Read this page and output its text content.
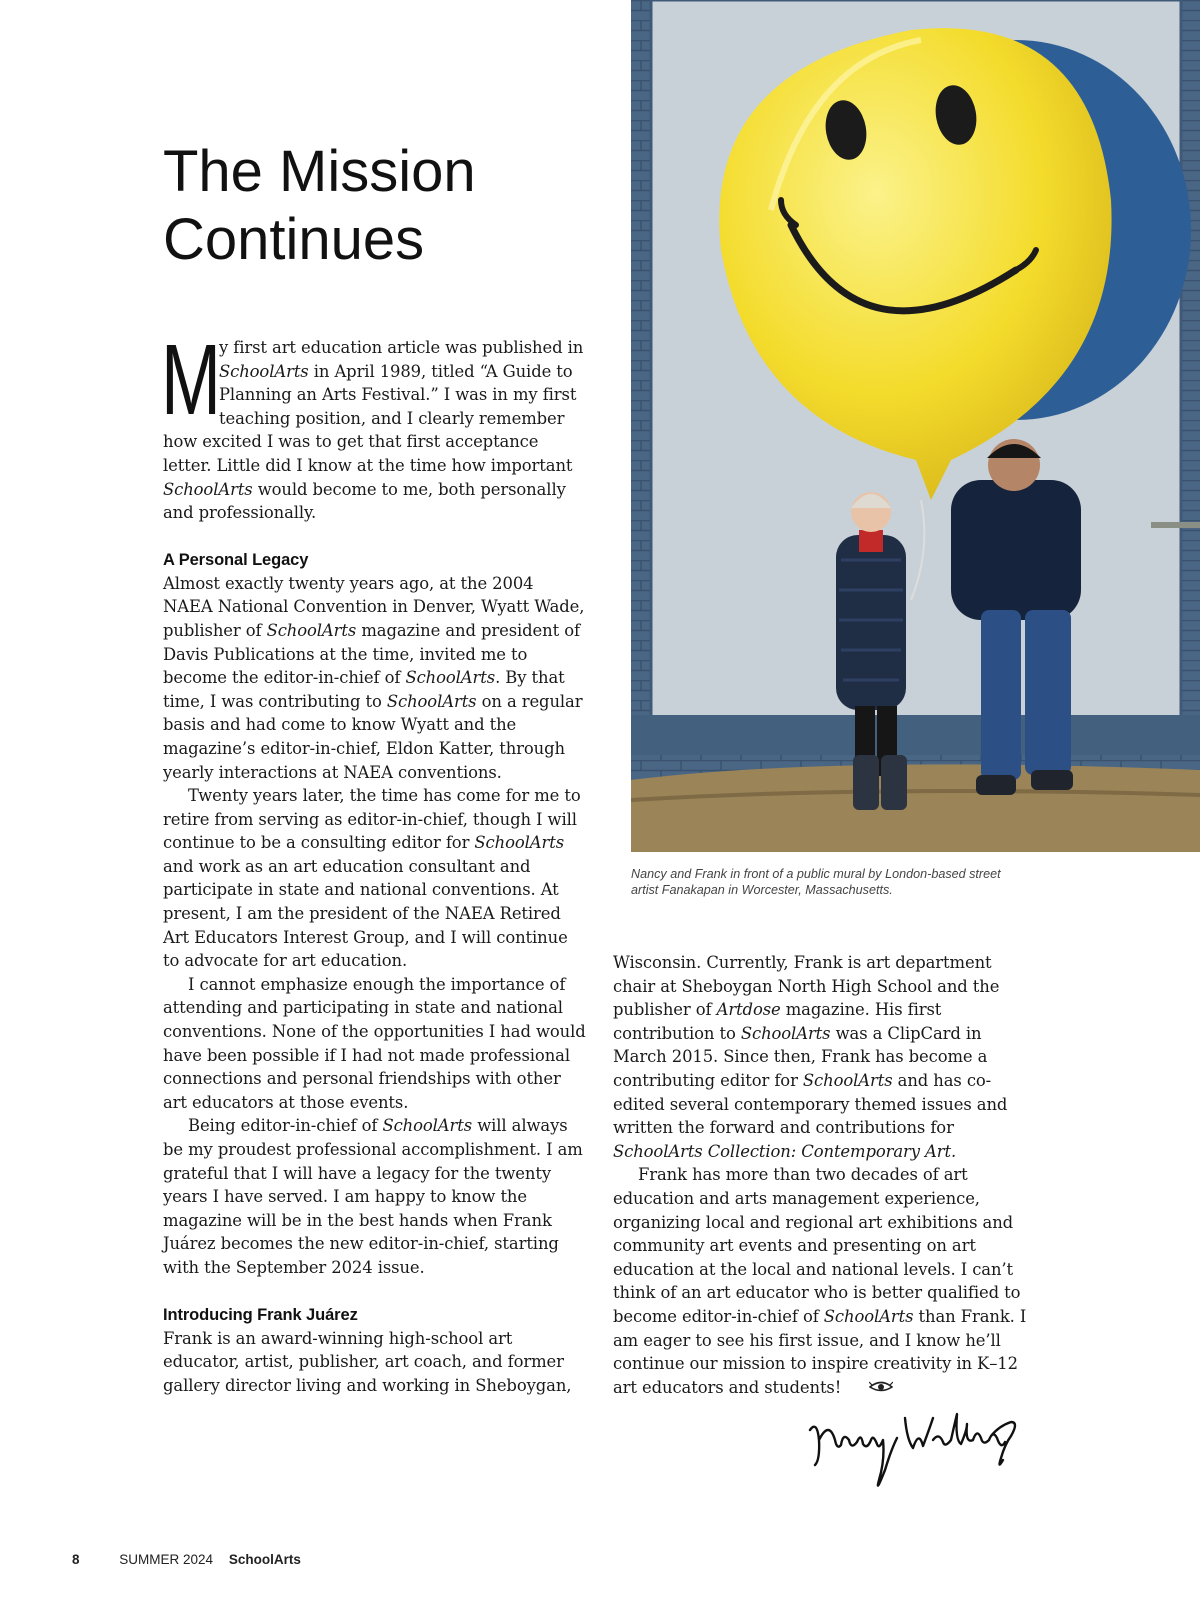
The Mission
Continues

M
y first art education article was published in SchoolArts in April 1989, titled “A Guide to Planning an Arts Festival.” I was in my first teaching position, and I clearly remember how excited I was to get that first acceptance letter. Little did I know at the time how important SchoolArts would become to me, both personally and professionally.

A Personal Legacy

Almost exactly twenty years ago, at the 2004 NAEA National Convention in Denver, Wyatt Wade, publisher of SchoolArts magazine and president of Davis Publications at the time, invited me to become the editor-in-chief of SchoolArts. By that time, I was contributing to SchoolArts on a regular basis and had come to know Wyatt and the magazine’s editor-in-chief, Eldon Katter, through yearly interactions at NAEA conventions.

Twenty years later, the time has come for me to retire from serving as editor-in-chief, though I will continue to be a consulting editor for SchoolArts and work as an art education consultant and participate in state and national conventions. At present, I am the president of the NAEA Retired Art Educators Interest Group, and I will continue to advocate for art education.

I cannot emphasize enough the importance of attending and participating in state and national conventions. None of the opportunities I had would have been possible if I had not made professional connections and personal friendships with other art educators at those events.

Being editor-in-chief of SchoolArts will always be my proudest professional accomplishment. I am grateful that I will have a legacy for the twenty years I have served. I am happy to know the magazine will be in the best hands when Frank Juárez becomes the new editor-in-chief, starting with the September 2024 issue.

Introducing Frank Juárez

Frank is an award-winning high-school art educator, artist, publisher, art coach, and former gallery director living and working in Sheboygan,

Nancy and Frank in front of a public mural by London-based street artist Fanakapan in Worcester, Massachusetts.

Wisconsin. Currently, Frank is art department chair at Sheboygan North High School and the publisher of Artdose magazine. His first contribution to SchoolArts was a ClipCard in March 2015. Since then, Frank has become a contributing editor for SchoolArts and has co-edited several contemporary themed issues and written the forward and contributions for SchoolArts Collection: Contemporary Art.

Frank has more than two decades of art education and arts management experience, organizing local and regional art exhibitions and community art events and presenting on art education at the local and national levels. I can’t think of an art educator who is better qualified to become editor-in-chief of SchoolArts than Frank. I am eager to see his first issue, and I know he’ll continue our mission to inspire creativity in K–12 art educators and students!

8	SUMMER 2024 SchoolArts
